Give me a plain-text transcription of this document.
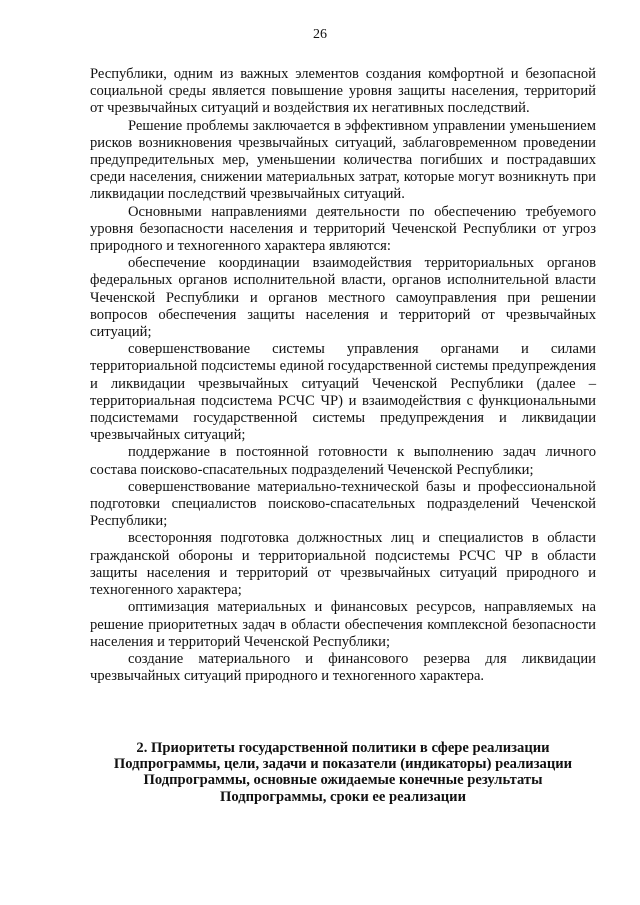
26

Республики, одним из важных элементов создания комфортной и безопасной социальной среды является повышение уровня защиты населения, территорий от чрезвычайных ситуаций и воздействия их негативных последствий.

Решение проблемы заключается в эффективном управлении уменьшением рисков возникновения чрезвычайных ситуаций, заблаговременном проведении предупредительных мер, уменьшении количества погибших и пострадавших среди населения, снижении материальных затрат, которые могут возникнуть при ликвидации последствий чрезвычайных ситуаций.

Основными направлениями деятельности по обеспечению требуемого уровня безопасности населения и территорий Чеченской Республики от угроз природного и техногенного характера являются:

обеспечение координации взаимодействия территориальных органов федеральных органов исполнительной власти, органов исполнительной власти Чеченской Республики и органов местного самоуправления при решении вопросов обеспечения защиты населения и территорий от чрезвычайных ситуаций;

совершенствование системы управления органами и силами территориальной подсистемы единой государственной системы предупреждения и ликвидации чрезвычайных ситуаций Чеченской Республики (далее – территориальная подсистема РСЧС ЧР) и взаимодействия с функциональными подсистемами государственной системы предупреждения и ликвидации чрезвычайных ситуаций;

поддержание в постоянной готовности к выполнению задач личного состава поисково-спасательных подразделений Чеченской Республики;

совершенствование материально-технической базы и профессиональной подготовки специалистов поисково-спасательных подразделений Чеченской Республики;

всесторонняя подготовка должностных лиц и специалистов в области гражданской обороны и территориальной подсистемы РСЧС ЧР в области защиты населения и территорий от чрезвычайных ситуаций природного и техногенного характера;

оптимизация материальных и финансовых ресурсов, направляемых на решение приоритетных задач в области обеспечения комплексной безопасности населения и территорий Чеченской Республики;

создание материального и финансового резерва для ликвидации чрезвычайных ситуаций природного и техногенного характера.

2. Приоритеты государственной политики в сфере реализации
Подпрограммы, цели, задачи и показатели (индикаторы) реализации
Подпрограммы, основные ожидаемые конечные результаты
Подпрограммы, сроки ее реализации
